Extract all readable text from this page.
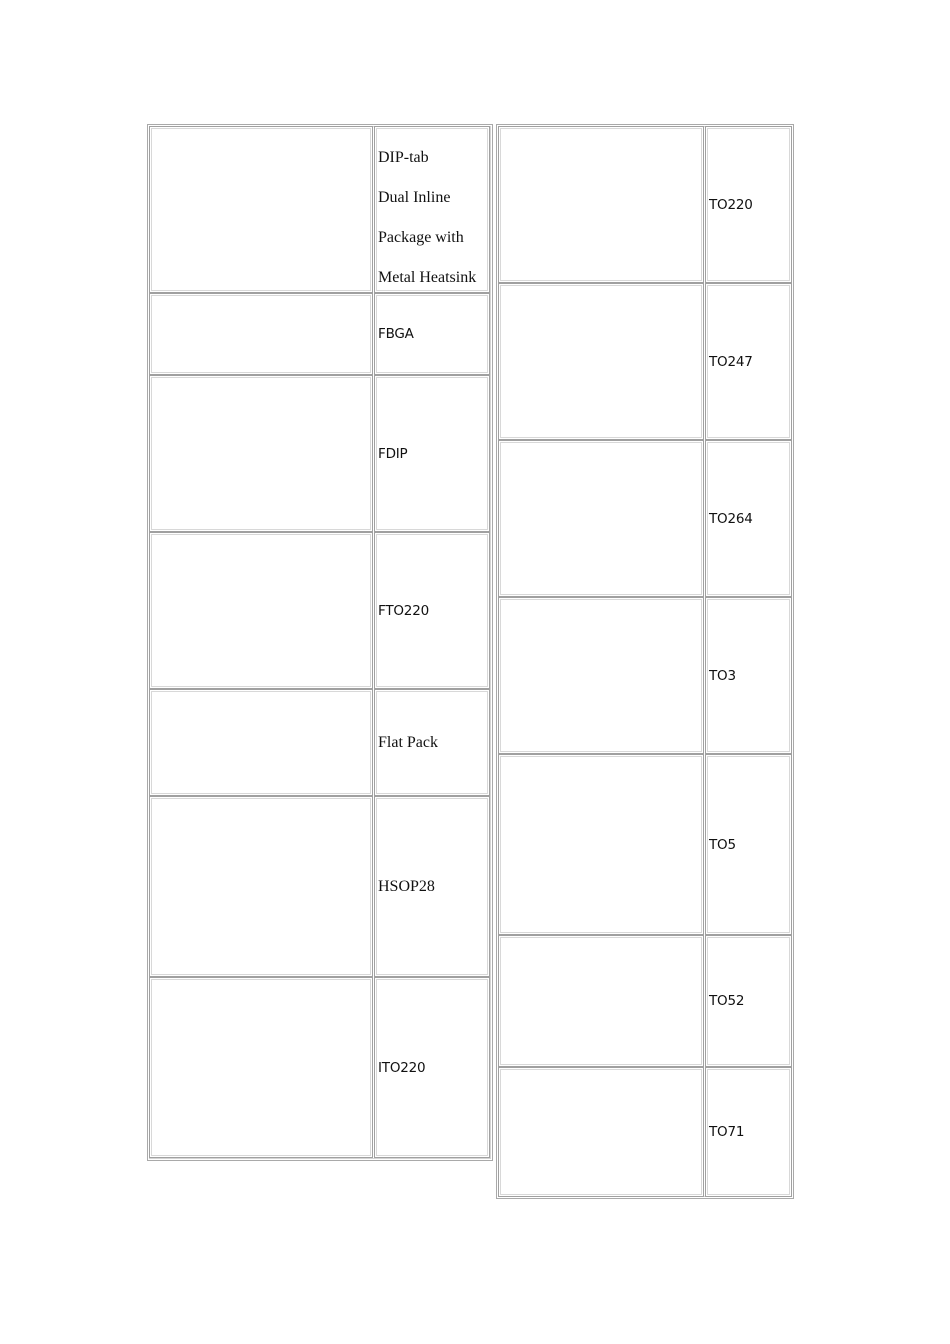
DIP-tab
Dual Inline
Package with
Metal Heatsink
FBGA
FDIP
FTO220
Flat Pack
HSOP28
ITO220
TO220
TO247
TO264
TO3
TO5
TO52
TO71
